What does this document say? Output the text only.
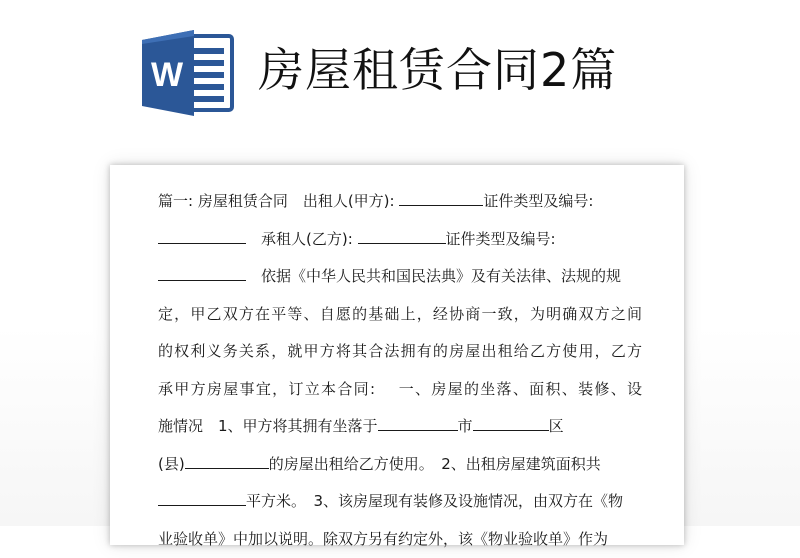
W 房屋租赁合同2篇
篇一: 房屋租赁合同　出租人(甲方):	证件类型及编号:
　承租人(乙方):	证件类型及编号:
　依据《中华人民共和国民法典》及有关法律、法规的规
定，甲乙双方在平等、自愿的基础上，经协商一致，为明确双方之间
的权利义务关系，就甲方将其合法拥有的房屋出租给乙方使用，乙方
承甲方房屋事宜，订立本合同:　 一、房屋的坐落、面积、装修、设
施情况　1、甲方将其拥有坐落于	市	区
(县)	的房屋出租给乙方使用。　2、出租房屋建筑面积共
平方米。　3、该房屋现有装修及设施情况，由双方在《物
业验收单》中加以说明。除双方另有约定外，该《物业验收单》作为
